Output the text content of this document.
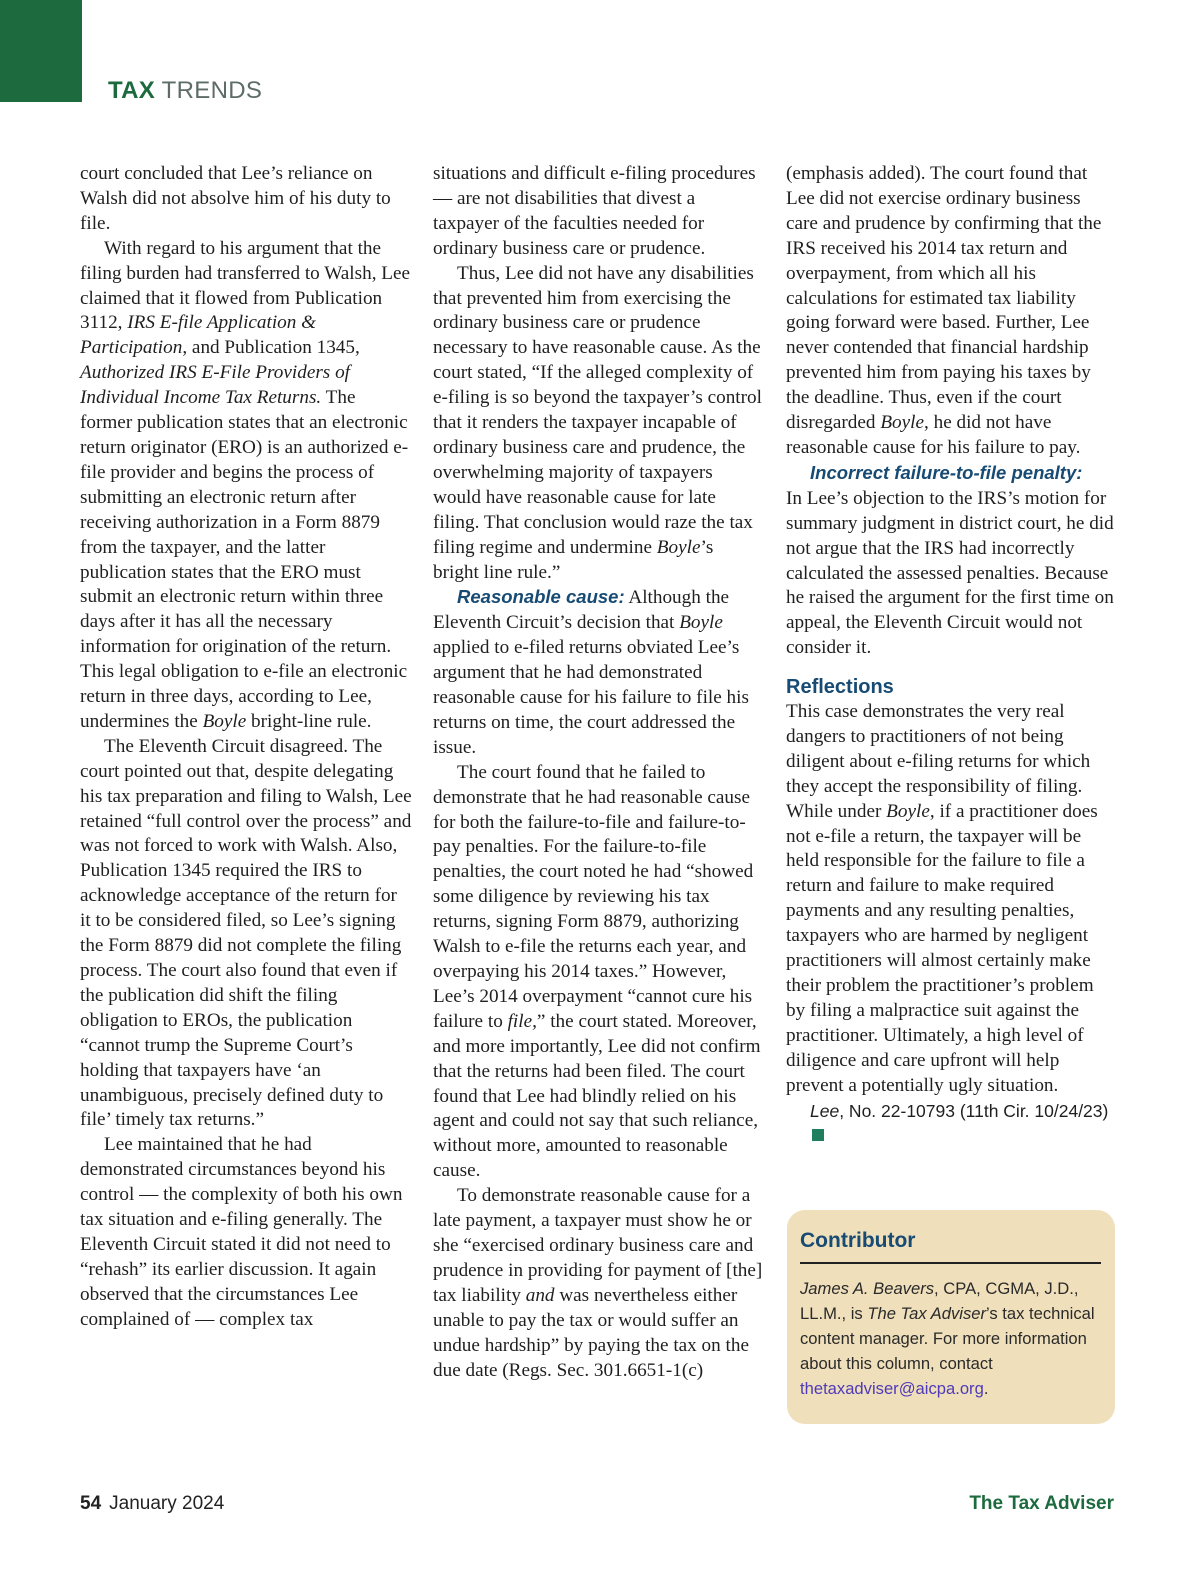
TAX TRENDS

court concluded that Lee’s reliance on Walsh did not absolve him of his duty to file.

With regard to his argument that the filing burden had transferred to Walsh, Lee claimed that it flowed from Publication 3112, IRS E-file Application & Participation, and Publication 1345, Authorized IRS E-File Providers of Individual Income Tax Returns. The former publication states that an electronic return originator (ERO) is an authorized e-file provider and begins the process of submitting an electronic return after receiving authorization in a Form 8879 from the taxpayer, and the latter publication states that the ERO must submit an electronic return within three days after it has all the necessary information for origination of the return. This legal obligation to e-file an electronic return in three days, according to Lee, undermines the Boyle bright-line rule.

The Eleventh Circuit disagreed. The court pointed out that, despite delegating his tax preparation and filing to Walsh, Lee retained “full control over the process” and was not forced to work with Walsh. Also, Publication 1345 required the IRS to acknowledge acceptance of the return for it to be considered filed, so Lee’s signing the Form 8879 did not complete the filing process. The court also found that even if the publication did shift the filing obligation to EROs, the publication “cannot trump the Supreme Court’s holding that taxpayers have ‘an unambiguous, precisely defined duty to file’ timely tax returns.”

Lee maintained that he had demonstrated circumstances beyond his control — the complexity of both his own tax situation and e-filing generally. The Eleventh Circuit stated it did not need to “rehash” its earlier discussion. It again observed that the circumstances Lee complained of — complex tax

situations and difficult e-filing procedures — are not disabilities that divest a taxpayer of the faculties needed for ordinary business care or prudence.

Thus, Lee did not have any disabilities that prevented him from exercising the ordinary business care or prudence necessary to have reasonable cause. As the court stated, “If the alleged complexity of e-filing is so beyond the taxpayer’s control that it renders the taxpayer incapable of ordinary business care and prudence, the overwhelming majority of taxpayers would have reasonable cause for late filing. That conclusion would raze the tax filing regime and undermine Boyle’s bright line rule.”

Reasonable cause: Although the Eleventh Circuit’s decision that Boyle applied to e-filed returns obviated Lee’s argument that he had demonstrated reasonable cause for his failure to file his returns on time, the court addressed the issue.

The court found that he failed to demonstrate that he had reasonable cause for both the failure-to-file and failure-to-pay penalties. For the failure-to-file penalties, the court noted he had “showed some diligence by reviewing his tax returns, signing Form 8879, authorizing Walsh to e-file the returns each year, and overpaying his 2014 taxes.” However, Lee’s 2014 overpayment “cannot cure his failure to file,” the court stated. Moreover, and more importantly, Lee did not confirm that the returns had been filed. The court found that Lee had blindly relied on his agent and could not say that such reliance, without more, amounted to reasonable cause.

To demonstrate reasonable cause for a late payment, a taxpayer must show he or she “exercised ordinary business care and prudence in providing for payment of [the] tax liability and was nevertheless either unable to pay the tax or would suffer an undue hardship” by paying the tax on the due date (Regs. Sec. 301.6651-1(c)

(emphasis added). The court found that Lee did not exercise ordinary business care and prudence by confirming that the IRS received his 2014 tax return and overpayment, from which all his calculations for estimated tax liability going forward were based. Further, Lee never contended that financial hardship prevented him from paying his taxes by the deadline. Thus, even if the court disregarded Boyle, he did not have reasonable cause for his failure to pay.

Incorrect failure-to-file penalty:

In Lee’s objection to the IRS’s motion for summary judgment in district court, he did not argue that the IRS had incorrectly calculated the assessed penalties. Because he raised the argument for the first time on appeal, the Eleventh Circuit would not consider it.

Reflections

This case demonstrates the very real dangers to practitioners of not being diligent about e-filing returns for which they accept the responsibility of filing. While under Boyle, if a practitioner does not e-file a return, the taxpayer will be held responsible for the failure to file a return and failure to make required payments and any resulting penalties, taxpayers who are harmed by negligent practitioners will almost certainly make their problem the practitioner’s problem by filing a malpractice suit against the practitioner. Ultimately, a high level of diligence and care upfront will help prevent a potentially ugly situation.

Lee, No. 22-10793 (11th Cir. 10/24/23)

Contributor

James A. Beavers, CPA, CGMA, J.D., LL.M., is The Tax Adviser’s tax technical content manager. For more information about this column, contact thetaxadviser@aicpa.org.

54 January 2024	The Tax Adviser
